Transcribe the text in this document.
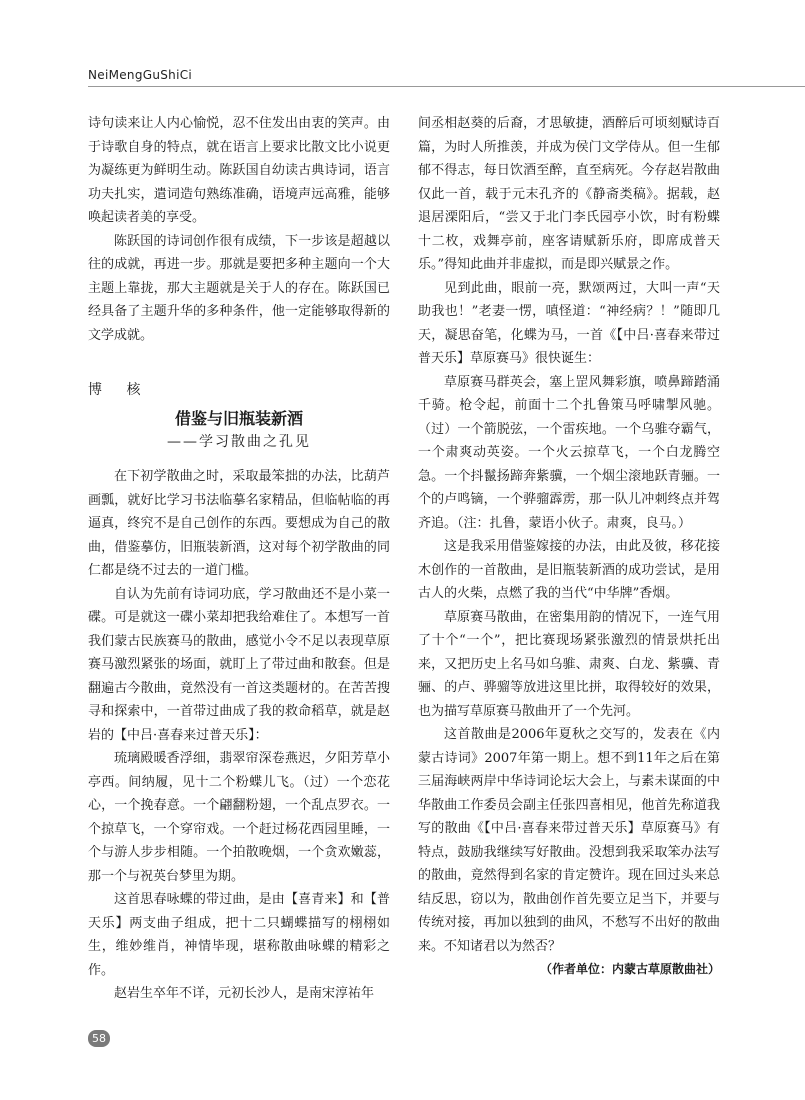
NeiMengGuShiCi

诗句读来让人内心愉悦，忍不住发出由衷的笑声。由于诗歌自身的特点，就在语言上要求比散文比小说更为凝练更为鲜明生动。陈跃国自幼读古典诗词，语言功夫扎实，遣词造句熟练准确，语境声远高雅，能够唤起读者美的享受。

陈跃国的诗词创作很有成绩，下一步该是超越以往的成就，再进一步。那就是要把多种主题向一个大主题上靠拢，那大主题就是关于人的存在。陈跃国已经具备了主题升华的多种条件，他一定能够取得新的文学成就。

博 核

借鉴与旧瓶装新酒

——学习散曲之孔见

在下初学散曲之时，采取最笨拙的办法，比葫芦画瓢，就好比学习书法临摹名家精品，但临帖临的再逼真，终究不是自己创作的东西。要想成为自己的散曲，借鉴摹仿，旧瓶装新酒，这对每个初学散曲的同仁都是绕不过去的一道门槛。

自认为先前有诗词功底，学习散曲还不是小菜一碟。可是就这一碟小菜却把我给难住了。本想写一首我们蒙古民族赛马的散曲，感觉小令不足以表现草原赛马激烈紧张的场面，就盯上了带过曲和散套。但是翻遍古今散曲，竟然没有一首这类题材的。在苦苦搜寻和探索中，一首带过曲成了我的救命稻草，就是赵岩的【中吕·喜春来过普天乐】：

琉璃殿暖香浮细，翡翠帘深卷燕迟，夕阳芳草小亭西。间纳履，见十二个粉蝶儿飞。（过）一个恋花心，一个挽春意。一个翩翻粉翅，一个乱点罗衣。一个掠草飞，一个穿帘戏。一个赶过杨花西园里睡，一个与游人步步相随。一个拍散晚烟，一个贪欢嫩蕊，那一个与祝英台梦里为期。

这首思春咏蝶的带过曲，是由【喜青来】和【普天乐】两支曲子组成，把十二只蝴蝶描写的栩栩如生，维妙维肖，神情毕现，堪称散曲咏蝶的精彩之作。

赵岩生卒年不详，元初长沙人，是南宋淳祐年

间丞相赵葵的后裔，才思敏捷，酒醉后可顷刻赋诗百篇，为时人所推羡，并成为侯门文学侍从。但一生郁郁不得志，每日饮酒至醉，直至病死。今存赵岩散曲仅此一首，载于元末孔齐的《静斋类稿》。据载，赵退居溧阳后，“尝又于北门李氏园亭小饮，时有粉蝶十二枚，戏舞亭前，座客请赋新乐府，即席成普天乐。”得知此曲并非虚拟，而是即兴赋景之作。

见到此曲，眼前一亮，默颂两过，大叫一声“天助我也！”老妻一愣，嗔怪道：“神经病？！”随即几天，凝思奋笔，化蝶为马，一首《【中吕·喜春来带过普天乐】草原赛马》很快诞生：

草原赛马群英会，塞上罡风舞彩旗，喷鼻蹄踏涌千骑。枪令起，前面十二个扎鲁策马呼啸掣风驰。（过）一个箭脱弦，一个雷疾地。一个乌骓夺霸气，一个肃爽动英姿。一个火云掠草飞，一个白龙腾空急。一个抖鬣扬蹄奔紫骥，一个烟尘滚地跃青骊。一个的卢鸣镝，一个骅骝霹雳，那一队儿冲刺终点并驾齐追。（注：扎鲁，蒙语小伙子。肃爽，良马。）

这是我采用借鉴嫁接的办法，由此及彼，移花接木创作的一首散曲，是旧瓶装新酒的成功尝试，是用古人的火柴，点燃了我的当代“中华牌”香烟。

草原赛马散曲，在密集用韵的情况下，一连气用了十个“一个”，把比赛现场紧张激烈的情景烘托出来，又把历史上名马如乌骓、肃爽、白龙、紫骥、青骊、的卢、骅骝等放进这里比拼，取得较好的效果，也为描写草原赛马散曲开了一个先河。

这首散曲是2006年夏秋之交写的，发表在《内蒙古诗词》2007年第一期上。想不到11年之后在第三届海峡两岸中华诗词论坛大会上，与素未谋面的中华散曲工作委员会副主任张四喜相见，他首先称道我写的散曲《【中吕·喜春来带过普天乐】草原赛马》有特点，鼓励我继续写好散曲。没想到我采取笨办法写的散曲，竟然得到名家的肯定赞许。现在回过头来总结反思，窃以为，散曲创作首先要立足当下，并要与传统对接，再加以独到的曲风，不愁写不出好的散曲来。不知诸君以为然否？

（作者单位：内蒙古草原散曲社）

58
